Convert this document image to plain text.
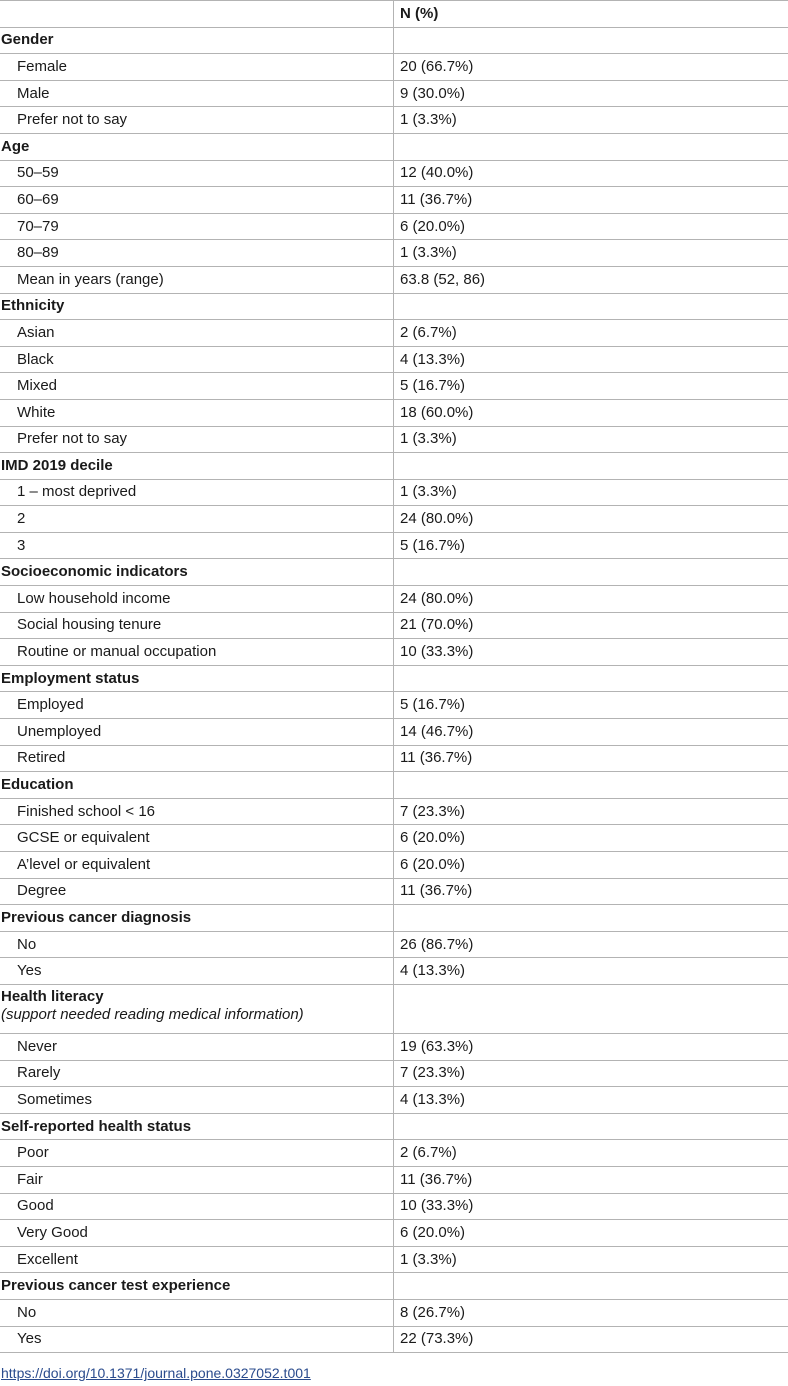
	N (%)
Gender	
Female	20 (66.7%)
Male	9 (30.0%)
Prefer not to say	1 (3.3%)
Age	
50–59	12 (40.0%)
60–69	11 (36.7%)
70–79	6 (20.0%)
80–89	1 (3.3%)
Mean in years (range)	63.8 (52, 86)
Ethnicity	
Asian	2 (6.7%)
Black	4 (13.3%)
Mixed	5 (16.7%)
White	18 (60.0%)
Prefer not to say	1 (3.3%)
IMD 2019 decile	
1 – most deprived	1 (3.3%)
2	24 (80.0%)
3	5 (16.7%)
Socioeconomic indicators	
Low household income	24 (80.0%)
Social housing tenure	21 (70.0%)
Routine or manual occupation	10 (33.3%)
Employment status	
Employed	5 (16.7%)
Unemployed	14 (46.7%)
Retired	11 (36.7%)
Education	
Finished school < 16	7 (23.3%)
GCSE or equivalent	6 (20.0%)
A’level or equivalent	6 (20.0%)
Degree	11 (36.7%)
Previous cancer diagnosis	
No	26 (86.7%)
Yes	4 (13.3%)
Health literacy
(support needed reading medical information)	

Never	19 (63.3%)
Rarely	7 (23.3%)
Sometimes	4 (13.3%)
Self-reported health status	
Poor	2 (6.7%)
Fair	11 (36.7%)
Good	10 (33.3%)
Very Good	6 (20.0%)
Excellent	1 (3.3%)
Previous cancer test experience	
No	8 (26.7%)
Yes	22 (73.3%)
https://doi.org/10.1371/journal.pone.0327052.t001
